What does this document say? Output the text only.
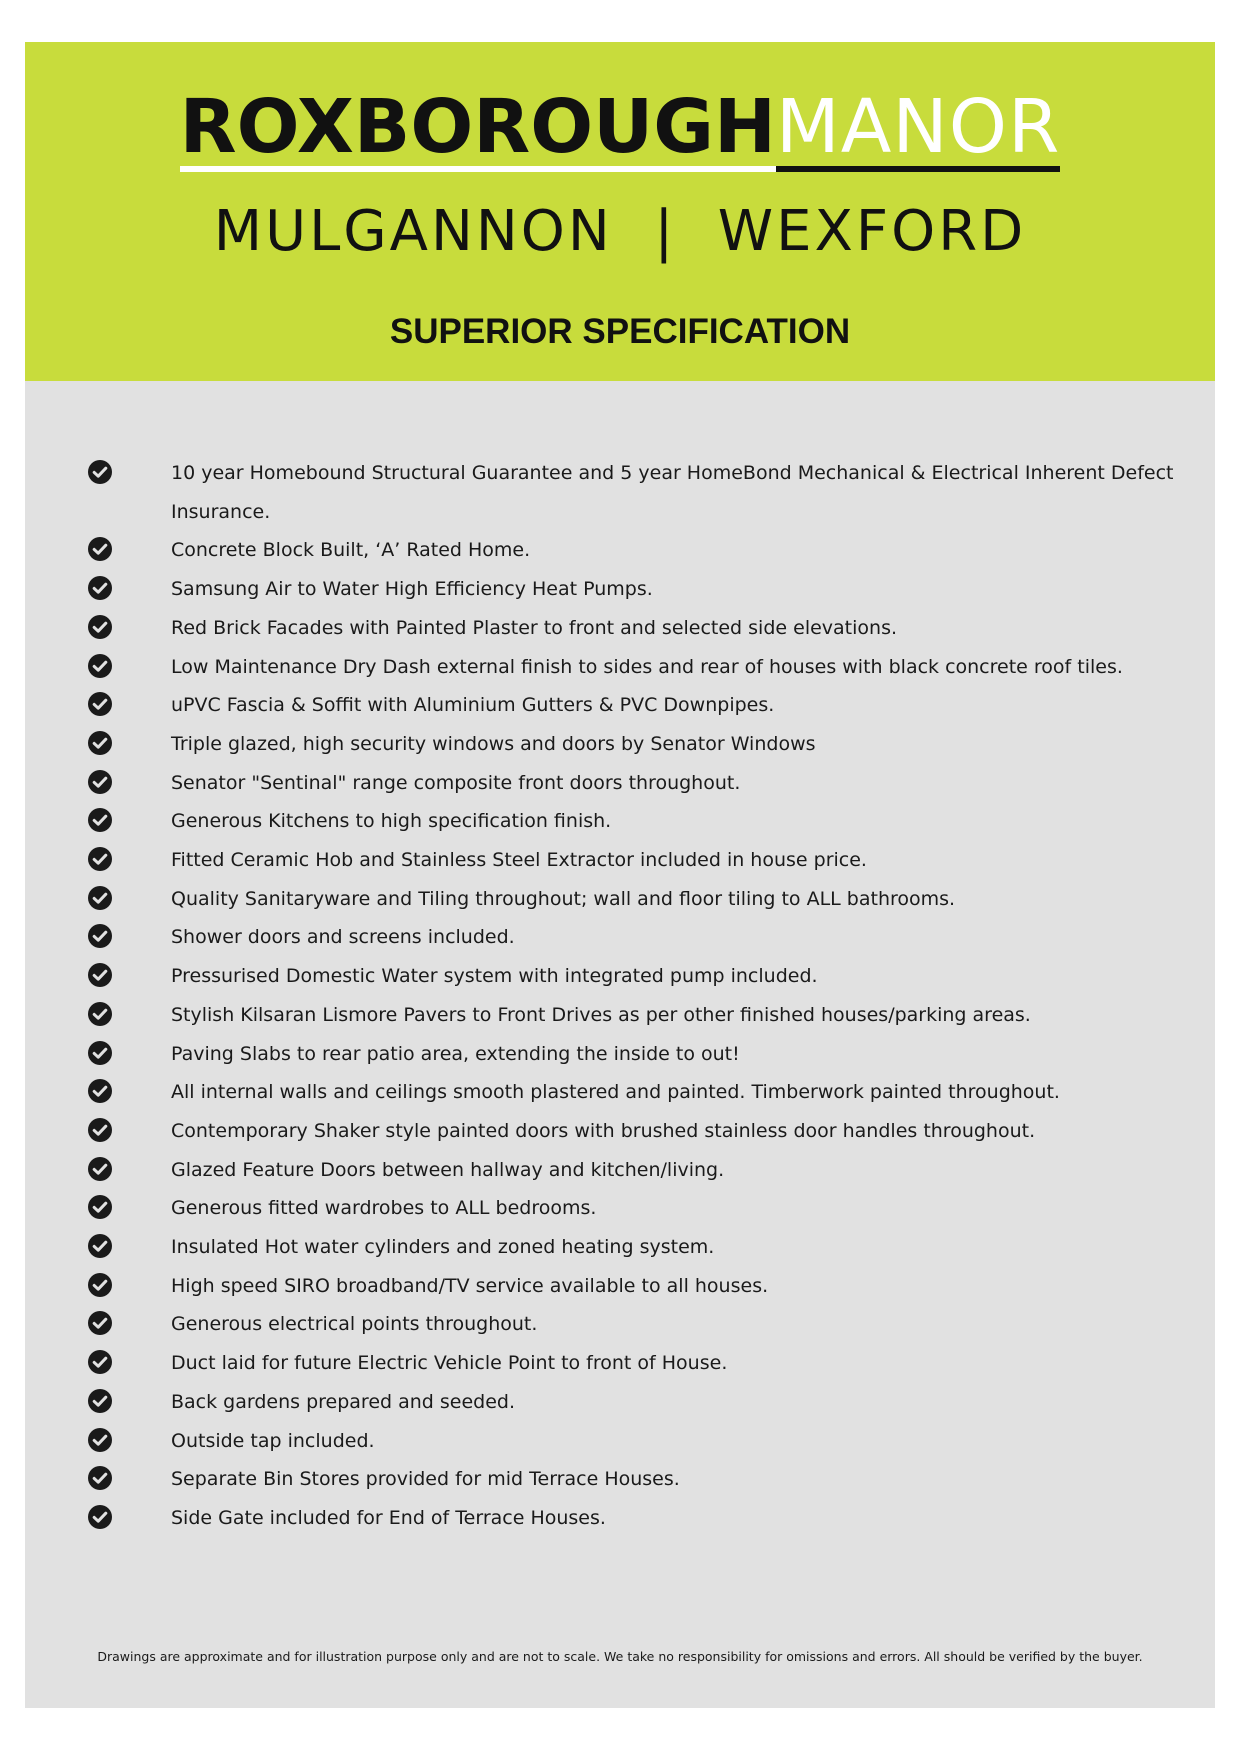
ROXBOROUGHMANOR
MULGANNON  |  WEXFORD
SUPERIOR SPECIFICATION
10 year Homebound Structural Guarantee and 5 year HomeBond Mechanical & Electrical Inherent Defect Insurance.
Concrete Block Built, ‘A’ Rated Home.
Samsung Air to Water High Efficiency Heat Pumps.
Red Brick Facades with Painted Plaster to front and selected side elevations.
Low Maintenance Dry Dash external finish to sides and rear of houses with black concrete roof tiles.
uPVC Fascia & Soffit with Aluminium Gutters & PVC Downpipes.
Triple glazed, high security windows and doors by Senator Windows
Senator "Sentinal" range composite front doors throughout.
Generous Kitchens to high specification finish.
Fitted Ceramic Hob and Stainless Steel Extractor included in house price.
Quality Sanitaryware and Tiling throughout; wall and floor tiling to ALL bathrooms.
Shower doors and screens included.
Pressurised Domestic Water system with integrated pump included.
Stylish Kilsaran Lismore Pavers to Front Drives as per other finished houses/parking areas.
Paving Slabs to rear patio area, extending the inside to out!
All internal walls and ceilings smooth plastered and painted. Timberwork painted throughout.
Contemporary Shaker style painted doors with brushed stainless door handles throughout.
Glazed Feature Doors between hallway and kitchen/living.
Generous fitted wardrobes to ALL bedrooms.
Insulated Hot water cylinders and zoned heating system.
High speed SIRO broadband/TV service available to all houses.
Generous electrical points throughout.
Duct laid for future Electric Vehicle Point to front of House.
Back gardens prepared and seeded.
Outside tap included.
Separate Bin Stores provided for mid Terrace Houses.
Side Gate included for End of Terrace Houses.
Drawings are approximate and for illustration purpose only and are not to scale. We take no responsibility for omissions and errors. All should be verified by the buyer.
